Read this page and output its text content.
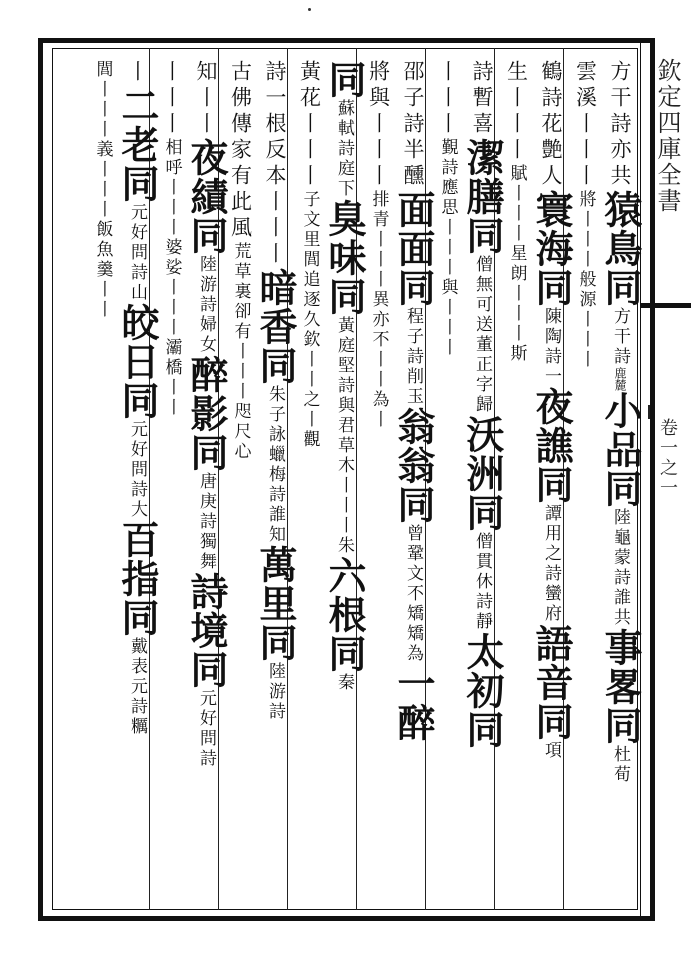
欽定四庫全書
卷一之一
方干詩亦共猿鳥同方干詩鹿麓小品同陸龜蒙詩誰共事畧同杜荀
雲溪丨丨丨將丨丨丨般源丨丨丨
鶴詩花艶人寰海同陳陶詩一夜譙同譚用之詩蠻府語音同項
生丨丨丨賦丨丨丨星朗丨丨丨斯
詩暫喜潔膳同僧無可送董正字歸沃洲同僧貫休詩靜太初同
丨丨丨覲詩應思丨丨丨與丨丨丨
邵子詩半醺面面同程子詩削玉翁翁同曾鞏文不矯矯為一醉
將與丨丨丨排青丨丨丨異亦不丨丨為丨
同蘇軾詩庭下臭味同黃庭堅詩與君草木丨丨丨朱六根同秦
黃花丨丨丨子文里閭追逐久欽丨丨之丨觀
詩一根反本丨丨丨暗香同朱子詠蠟梅詩誰知萬里同陸游詩
古佛傳家有此風荒草裏卻有丨丨丨咫尺心
知丨丨夜績同陸游詩婦女醉影同唐庚詩獨舞詩境同元好問詩
丨丨丨相呼丨丨丨婆娑丨丨丨灞橋丨丨
丨二老同元好問詩山皎日同元好問詩大百指同戴表元詩糲
閭丨丨丨義丨丨丨飯魚羹丨丨
